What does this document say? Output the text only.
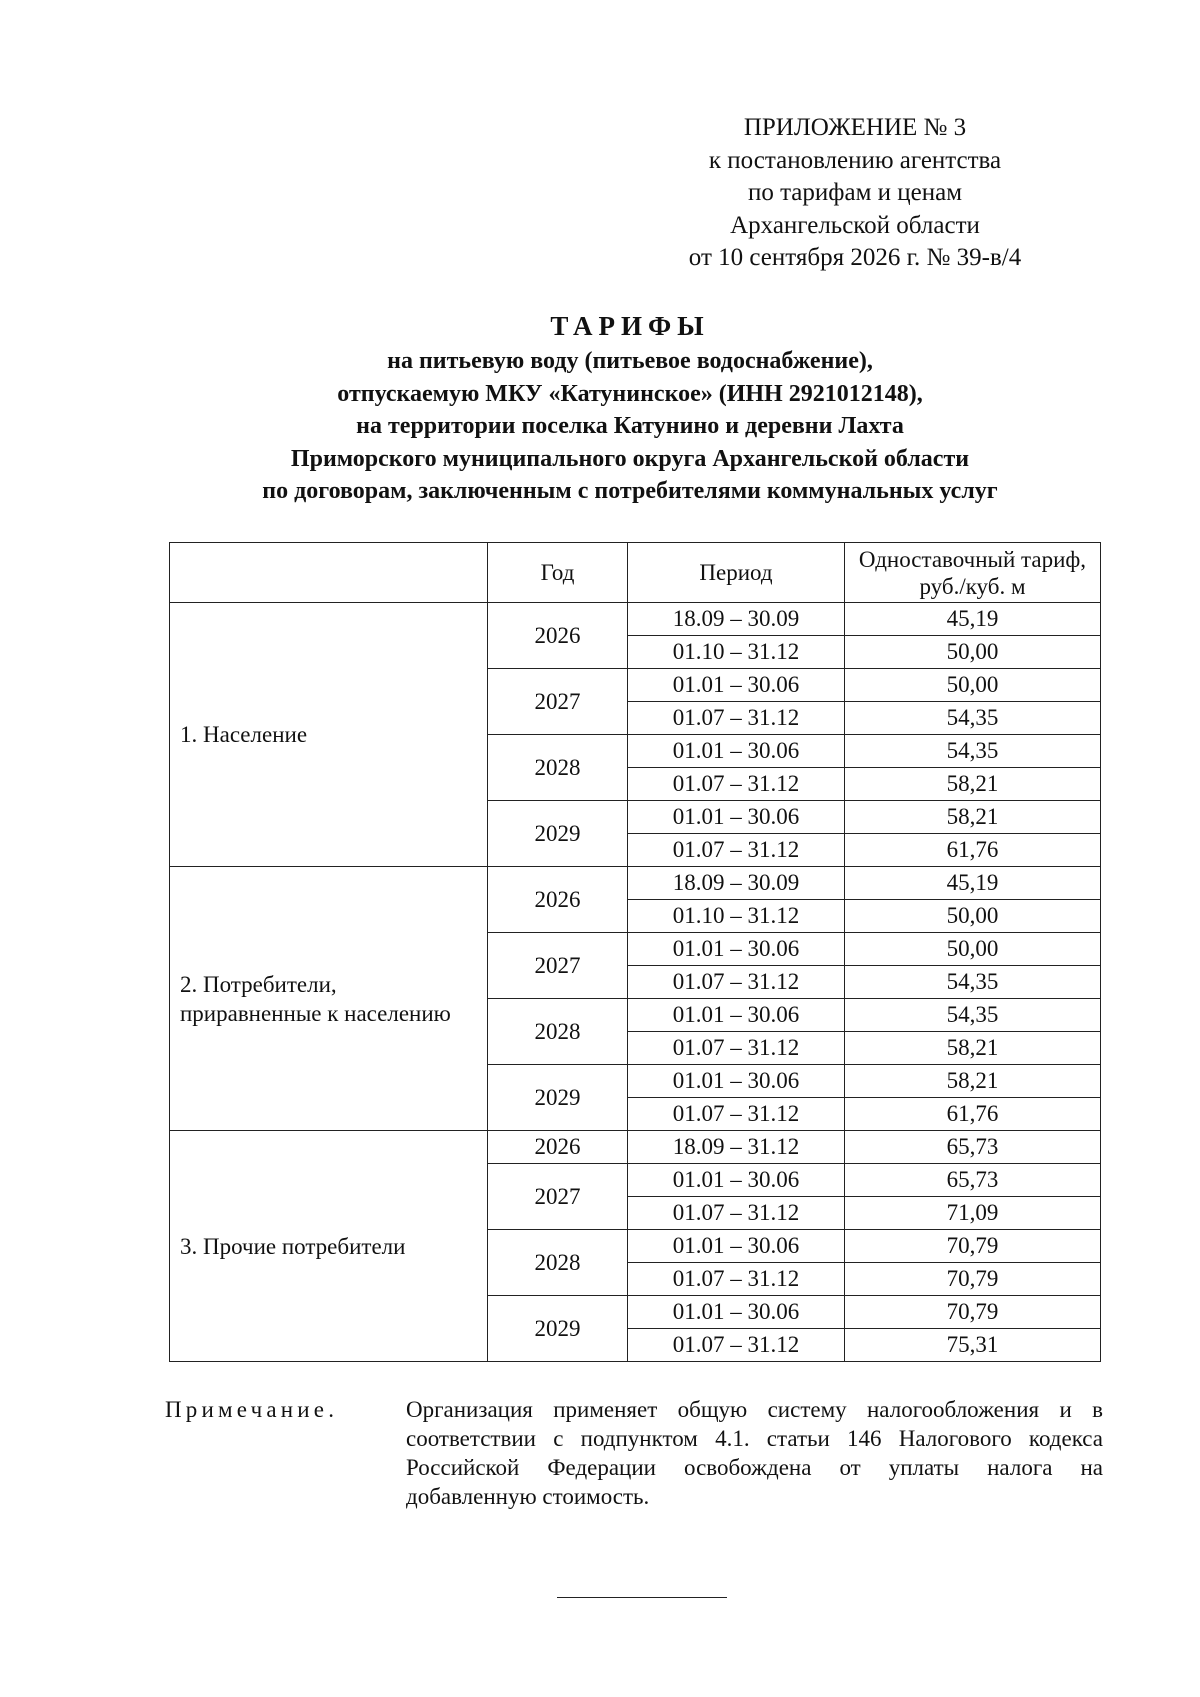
ПРИЛОЖЕНИЕ № 3
к постановлению агентства
по тарифам и ценам
Архангельской области
от 10 сентября 2026 г. № 39-в/4
ТАРИФЫ
на питьевую воду (питьевое водоснабжение),
отпускаемую МКУ «Катунинское» (ИНН 2921012148),
на территории поселка Катунино и деревни Лахта
Приморского муниципального округа Архангельской области
по договорам, заключенным с потребителями коммунальных услуг
	Год	Период	Одноставочный тариф,
руб./куб. м

1. Население	2026	18.09 – 30.09	45,19
		01.10 – 31.12	50,00
	2027	01.01 – 30.06	50,00
		01.07 – 31.12	54,35
	2028	01.01 – 30.06	54,35
		01.07 – 31.12	58,21
	2029	01.01 – 30.06	58,21
		01.07 – 31.12	61,76

2. Потребители,
приравненные к населению	2026	18.09 – 30.09	45,19
		01.10 – 31.12	50,00
	2027	01.01 – 30.06	50,00
		01.07 – 31.12	54,35
	2028	01.01 – 30.06	54,35
		01.07 – 31.12	58,21
	2029	01.01 – 30.06	58,21
		01.07 – 31.12	61,76

3. Прочие потребители	2026	18.09 – 31.12	65,73
	2027	01.01 – 30.06	65,73
		01.07 – 31.12	71,09
	2028	01.01 – 30.06	70,79
		01.07 – 31.12	70,79
	2029	01.01 – 30.06	70,79
		01.07 – 31.12	75,31
Примечание.	Организация применяет общую систему налогообложения и в соответствии с подпунктом 4.1. статьи 146 Налогового кодекса Российской Федерации освобождена от уплаты налога на добавленную стоимость.
